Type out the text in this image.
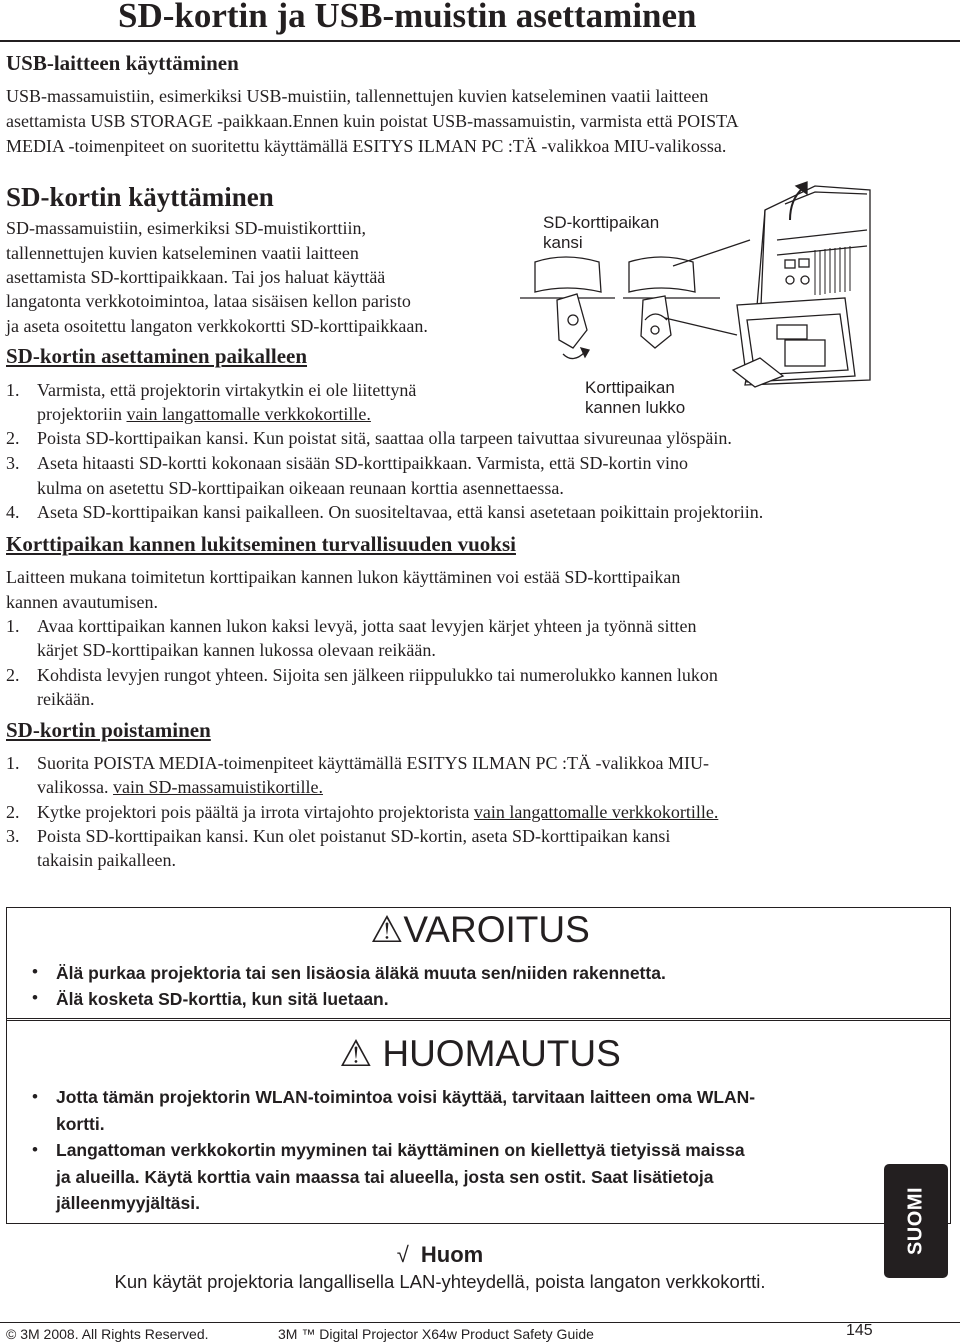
SD-kortin ja USB-muistin asettaminen
USB-laitteen käyttäminen
USB-massamuistiin, esimerkiksi USB-muistiin, tallennettujen kuvien katseleminen vaatii laitteen
asettamista USB STORAGE -paikkaan.Ennen kuin poistat USB-massamuistin, varmista että POISTA
MEDIA -toimenpiteet on suoritettu käyttämällä ESITYS ILMAN PC :TÄ -valikkoa MIU-valikossa.
SD-kortin käyttäminen
SD-massamuistiin, esimerkiksi SD-muistikorttiin,
tallennettujen kuvien katseleminen vaatii laitteen
asettamista SD-korttipaikkaan. Tai jos haluat käyttää
langatonta verkkotoimintoa, lataa sisäisen kellon paristo
ja aseta osoitettu langaton verkkokortti SD-korttipaikkaan.
SD-korttipaikan
kansi
Korttipaikan
kannen lukko
SD-kortin asettaminen paikalleen
1. Varmista, että projektorin virtakytkin ei ole liitettynä
projektoriin vain langattomalle verkkokortille.
2. Poista SD-korttipaikan kansi. Kun poistat sitä, saattaa olla tarpeen taivuttaa sivureunaa ylöspäin.
3. Aseta hitaasti SD-kortti kokonaan sisään SD-korttipaikkaan. Varmista, että SD-kortin vino
kulma on asetettu SD-korttipaikan oikeaan reunaan korttia asennettaessa.
4. Aseta SD-korttipaikan kansi paikalleen. On suositeltavaa, että kansi asetetaan poikittain projektoriin.
Korttipaikan kannen lukitseminen turvallisuuden vuoksi
Laitteen mukana toimitetun korttipaikan kannen lukon käyttäminen voi estää SD-korttipaikan
kannen avautumisen.
1. Avaa korttipaikan kannen lukon kaksi levyä, jotta saat levyjen kärjet yhteen ja työnnä sitten
kärjet SD-korttipaikan kannen lukossa olevaan reikään.
2. Kohdista levyjen rungot yhteen. Sijoita sen jälkeen riippulukko tai numerolukko kannen lukon
reikään.
SD-kortin poistaminen
1. Suorita POISTA MEDIA-toimenpiteet käyttämällä ESITYS ILMAN PC :TÄ -valikkoa MIU-
valikossa. vain SD-massamuistikortille.
2. Kytke projektori pois päältä ja irrota virtajohto projektorista vain langattomalle verkkokortille.
3. Poista SD-korttipaikan kansi. Kun olet poistanut SD-kortin, aseta SD-korttipaikan kansi
takaisin paikalleen.
⚠VAROITUS
• Älä purkaa projektoria tai sen lisäosia äläkä muuta sen/niiden rakennetta.
• Älä kosketa SD-korttia, kun sitä luetaan.
⚠ HUOMAUTUS
• Jotta tämän projektorin WLAN-toimintoa voisi käyttää, tarvitaan laitteen oma WLAN-
kortti.
• Langattoman verkkokortin myyminen tai käyttäminen on kiellettyä tietyissä maissa
ja alueilla. Käytä korttia vain maassa tai alueella, josta sen ostit. Saat lisätietoja
jälleenmyyjältäsi.
√ Huom
Kun käytät projektoria langallisella LAN-yhteydellä, poista langaton verkkokortti.
SUOMI
© 3M 2008. All Rights Reserved.	3M ™ Digital Projector X64w Product Safety Guide	145
